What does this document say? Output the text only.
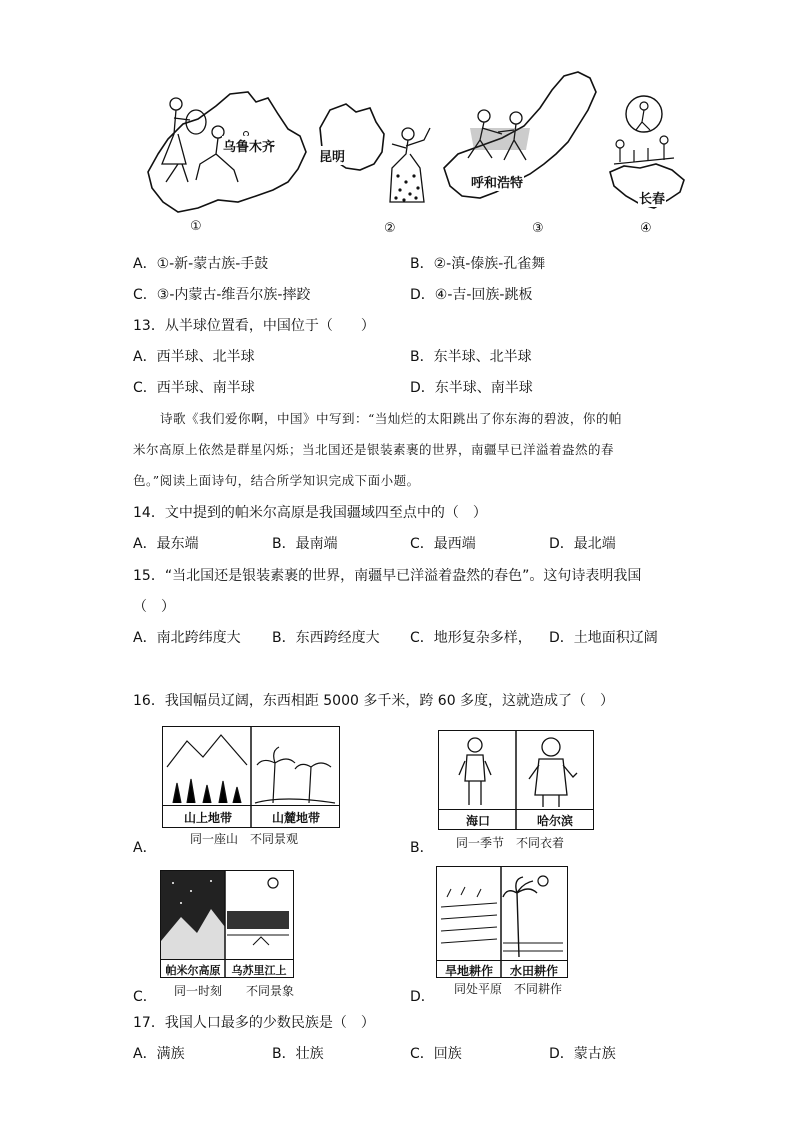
乌鲁木齐
①
昆明
②
呼和浩特
③
长春
④
A．①-新-蒙古族-手鼓	B．②-滇-傣族-孔雀舞
C．③-内蒙古-维吾尔族-摔跤	D．④-吉-回族-跳板
13．从半球位置看，中国位于（　　）
A．西半球、北半球	B．东半球、北半球
C．西半球、南半球	D．东半球、南半球
诗歌《我们爱你啊，中国》中写到：“当灿烂的太阳跳出了你东海的碧波，你的帕
米尔高原上依然是群星闪烁；当北国还是银装素裹的世界，南疆早已洋溢着盎然的春
色。”阅读上面诗句，结合所学知识完成下面小题。
14．文中提到的帕米尔高原是我国疆域四至点中的（　）
A．最东端	B．最南端	C．最西端	D．最北端
15．“当北国还是银装素裹的世界，南疆早已洋溢着盎然的春色”。这句诗表明我国
（　）
A．南北跨纬度大 B．东西跨经度大 C．地形复杂多样， D．土地面积辽阔
16．我国幅员辽阔，东西相距 5000 多千米，跨 60 多度，这就造成了（　）
山上地带	山麓地带
同一座山　不同景观
A．
海口	哈尔滨
同一季节　不同衣着
B．
帕米尔高原	乌苏里江上
同一时刻　　不同景象
C．
旱地耕作	水田耕作
同处平原　不同耕作
D．
17．我国人口最多的少数民族是（　）
A．满族	B．壮族	C．回族	D．蒙古族
